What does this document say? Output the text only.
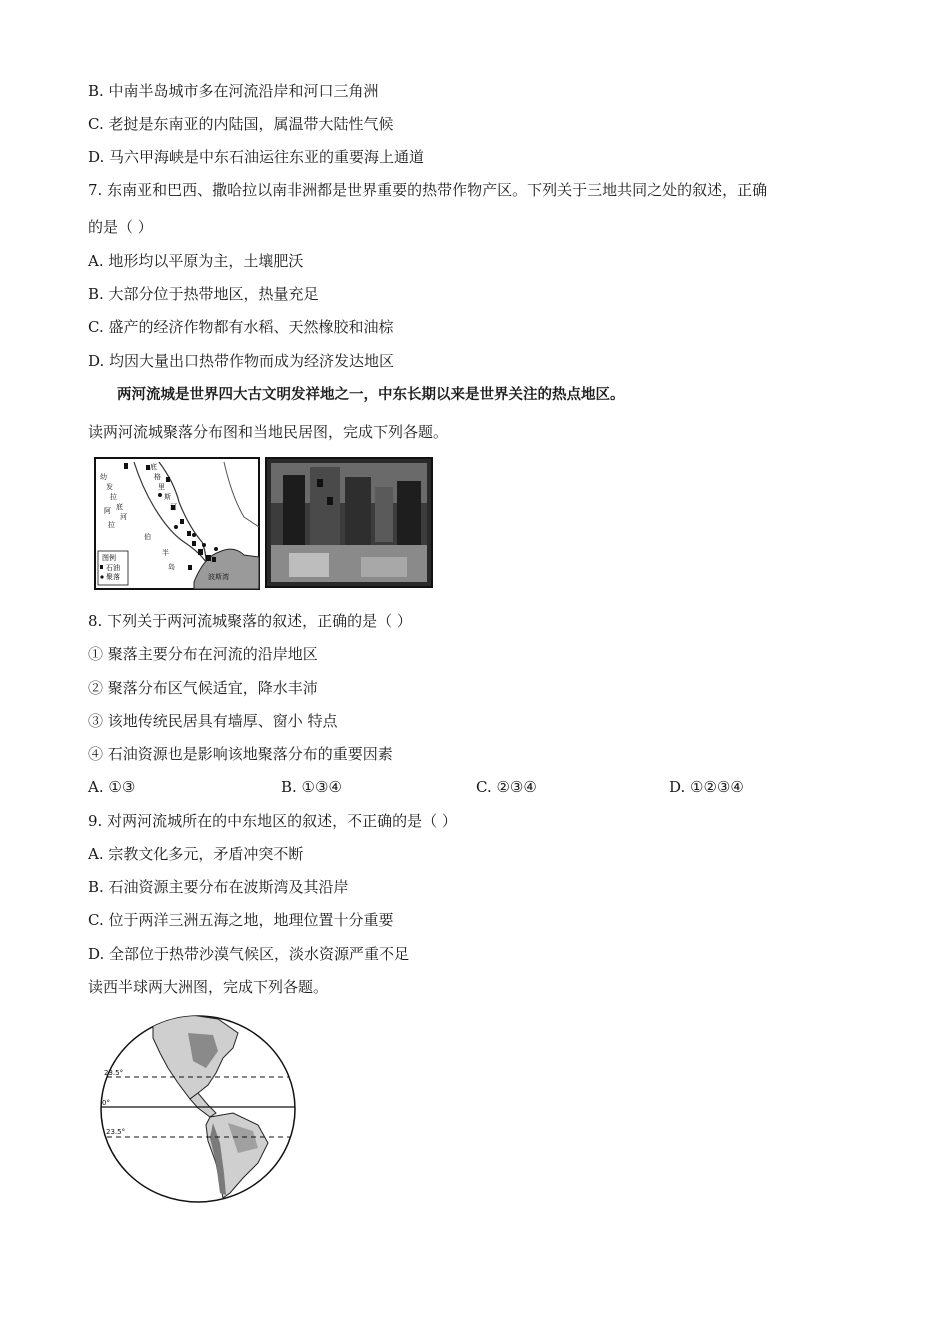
B. 中南半岛城市多在河流沿岸和河口三角洲
C. 老挝是东南亚的内陆国，属温带大陆性气候
D. 马六甲海峡是中东石油运往东亚的重要海上通道
7. 东南亚和巴西、撒哈拉以南非洲都是世界重要的热带作物产区。下列关于三地共同之处的叙述，正确
的是（ ）
A. 地形均以平原为主，土壤肥沃
B. 大部分位于热带地区，热量充足
C. 盛产的经济作物都有水稻、天然橡胶和油棕
D. 均因大量出口热带作物而成为经济发达地区
两河流城是世界四大古文明发祥地之一，中东长期以来是世界关注的热点地区。
读两河流城聚落分布图和当地民居图，完成下列各题。
幼
发
拉
底
河
阿
拉
伯
半
岛
底
格
里
斯
河
图例
石油
聚落	波斯湾
8. 下列关于两河流城聚落的叙述，正确的是（ ）
① 聚落主要分布在河流的沿岸地区
② 聚落分布区气候适宜，降水丰沛
③ 该地传统民居具有墙厚、窗小 特点
④ 石油资源也是影响该地聚落分布的重要因素
A. ①③	B. ①③④	C. ②③④	D. ①②③④
9. 对两河流城所在的中东地区的叙述，不正确的是（ ）
A. 宗教文化多元，矛盾冲突不断
B. 石油资源主要分布在波斯湾及其沿岸
C. 位于两洋三洲五海之地，地理位置十分重要
D. 全部位于热带沙漠气候区，淡水资源严重不足
读西半球两大洲图，完成下列各题。
23.5°
0°
23.5°
